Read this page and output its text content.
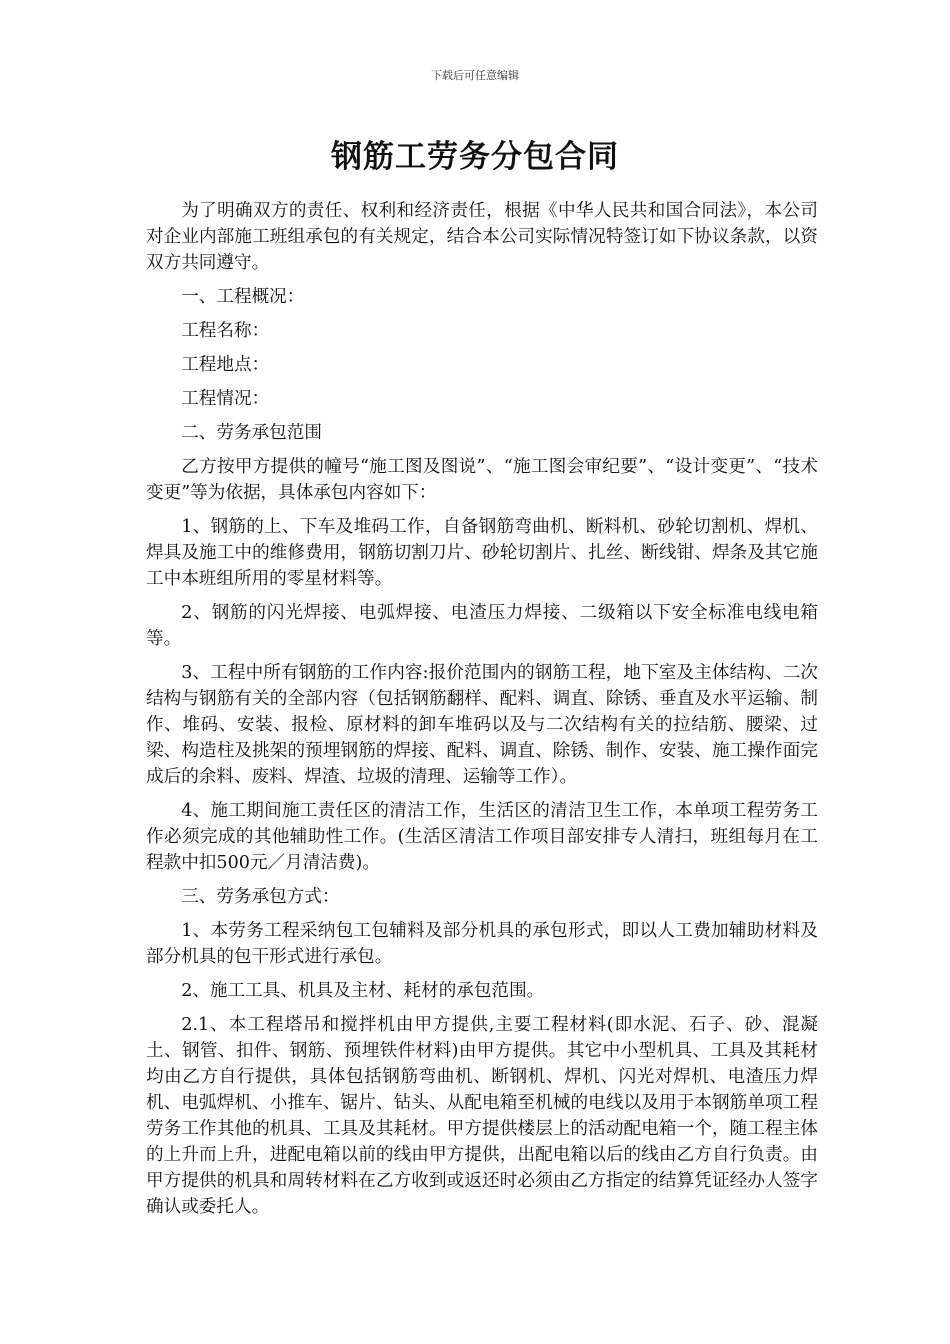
下载后可任意编辑
钢筋工劳务分包合同

为了明确双方的责任、权利和经济责任，根据《中华人民共和国合同法》，本公司对企业内部施工班组承包的有关规定，结合本公司实际情况特签订如下协议条款，以资双方共同遵守。

一、工程概况：

工程名称：

工程地点：

工程情况：

二、劳务承包范围

乙方按甲方提供的幢号“施工图及图说”、“施工图会审纪要”、“设计变更”、“技术变更”等为依据，具体承包内容如下：

1、钢筋的上、下车及堆码工作，自备钢筋弯曲机、断料机、砂轮切割机、焊机、焊具及施工中的维修费用，钢筋切割刀片、砂轮切割片、扎丝、断线钳、焊条及其它施工中本班组所用的零星材料等。

2、钢筋的闪光焊接、电弧焊接、电渣压力焊接、二级箱以下安全标准电线电箱等。

3、工程中所有钢筋的工作内容:报价范围内的钢筋工程，地下室及主体结构、二次结构与钢筋有关的全部内容（包括钢筋翻样、配料、调直、除锈、垂直及水平运输、制作、堆码、安装、报检、原材料的卸车堆码以及与二次结构有关的拉结筋、腰梁、过梁、构造柱及挑架的预埋钢筋的焊接、配料、调直、除锈、制作、安装、施工操作面完成后的余料、废料、焊渣、垃圾的清理、运输等工作）。

4、施工期间施工责任区的清洁工作，生活区的清洁卫生工作，本单项工程劳务工作必须完成的其他辅助性工作。(生活区清洁工作项目部安排专人清扫，班组每月在工程款中扣500元／月清洁费)。

三、劳务承包方式：

1、本劳务工程采纳包工包辅料及部分机具的承包形式，即以人工费加辅助材料及部分机具的包干形式进行承包。

2、施工工具、机具及主材、耗材的承包范围。

2.1、本工程塔吊和搅拌机由甲方提供,主要工程材料(即水泥、石子、砂、混凝土、钢管、扣件、钢筋、预埋铁件材料)由甲方提供。其它中小型机具、工具及其耗材均由乙方自行提供，具体包括钢筋弯曲机、断钢机、焊机、闪光对焊机、电渣压力焊机、电弧焊机、小推车、锯片、钻头、从配电箱至机械的电线以及用于本钢筋单项工程劳务工作其他的机具、工具及其耗材。甲方提供楼层上的活动配电箱一个，随工程主体的上升而上升，进配电箱以前的线由甲方提供，出配电箱以后的线由乙方自行负责。由甲方提供的机具和周转材料在乙方收到或返还时必须由乙方指定的结算凭证经办人签字确认或委托人。
